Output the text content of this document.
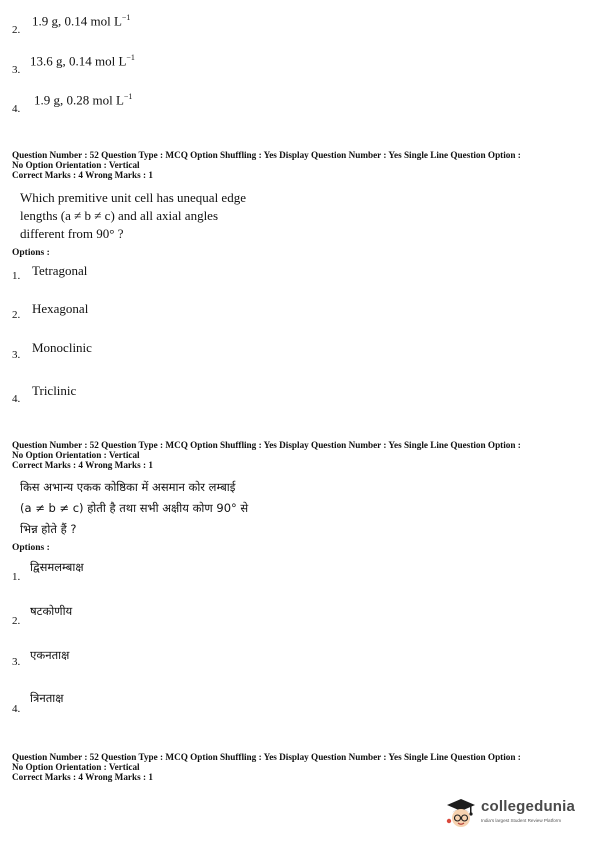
2.
1.9 g, 0.14 mol $L^{-1}$
3.
13.6 g, 0.14 mol $L^{-1}$
4.
1.9 g, 0.28 mol $L^{-1}$
Question Number : 52 Question Type : MCQ Option Shuffling : Yes Display Question Number : Yes Single Line Question Option :
No Option Orientation : Vertical
Correct Marks : 4 Wrong Marks : 1
Which premitive unit cell has unequal edge
lengths (a ≠ b ≠ c) and all axial angles
different from 90° ?
Options :
1. Tetragonal
2. Hexagonal
3. Monoclinic
4.
Triclinic
Question Number : 52 Question Type : MCQ Option Shuffling : Yes Display Question Number : Yes Single Line Question Option :
No Option Orientation : Vertical
Correct Marks : 4 Wrong Marks : 1
किस अभान्य एकक कोष्ठिका में असमान कोर लम्बाई
(a ≠ b ≠ c) होती है तथा सभी अक्षीय कोण 90° से
भिन्न होते हैं ?
Options :
1.
द्विसमलम्बाक्ष
2.
षटकोणीय
3. एकनताक्ष
4.
त्रिनताक्ष
Question Number : 52 Question Type : MCQ Option Shuffling : Yes Display Question Number : Yes Single Line Question Option :
No Option Orientation : Vertical
Correct Marks : 4 Wrong Marks : 1
collegedunia
India's largest Student Review Platform
